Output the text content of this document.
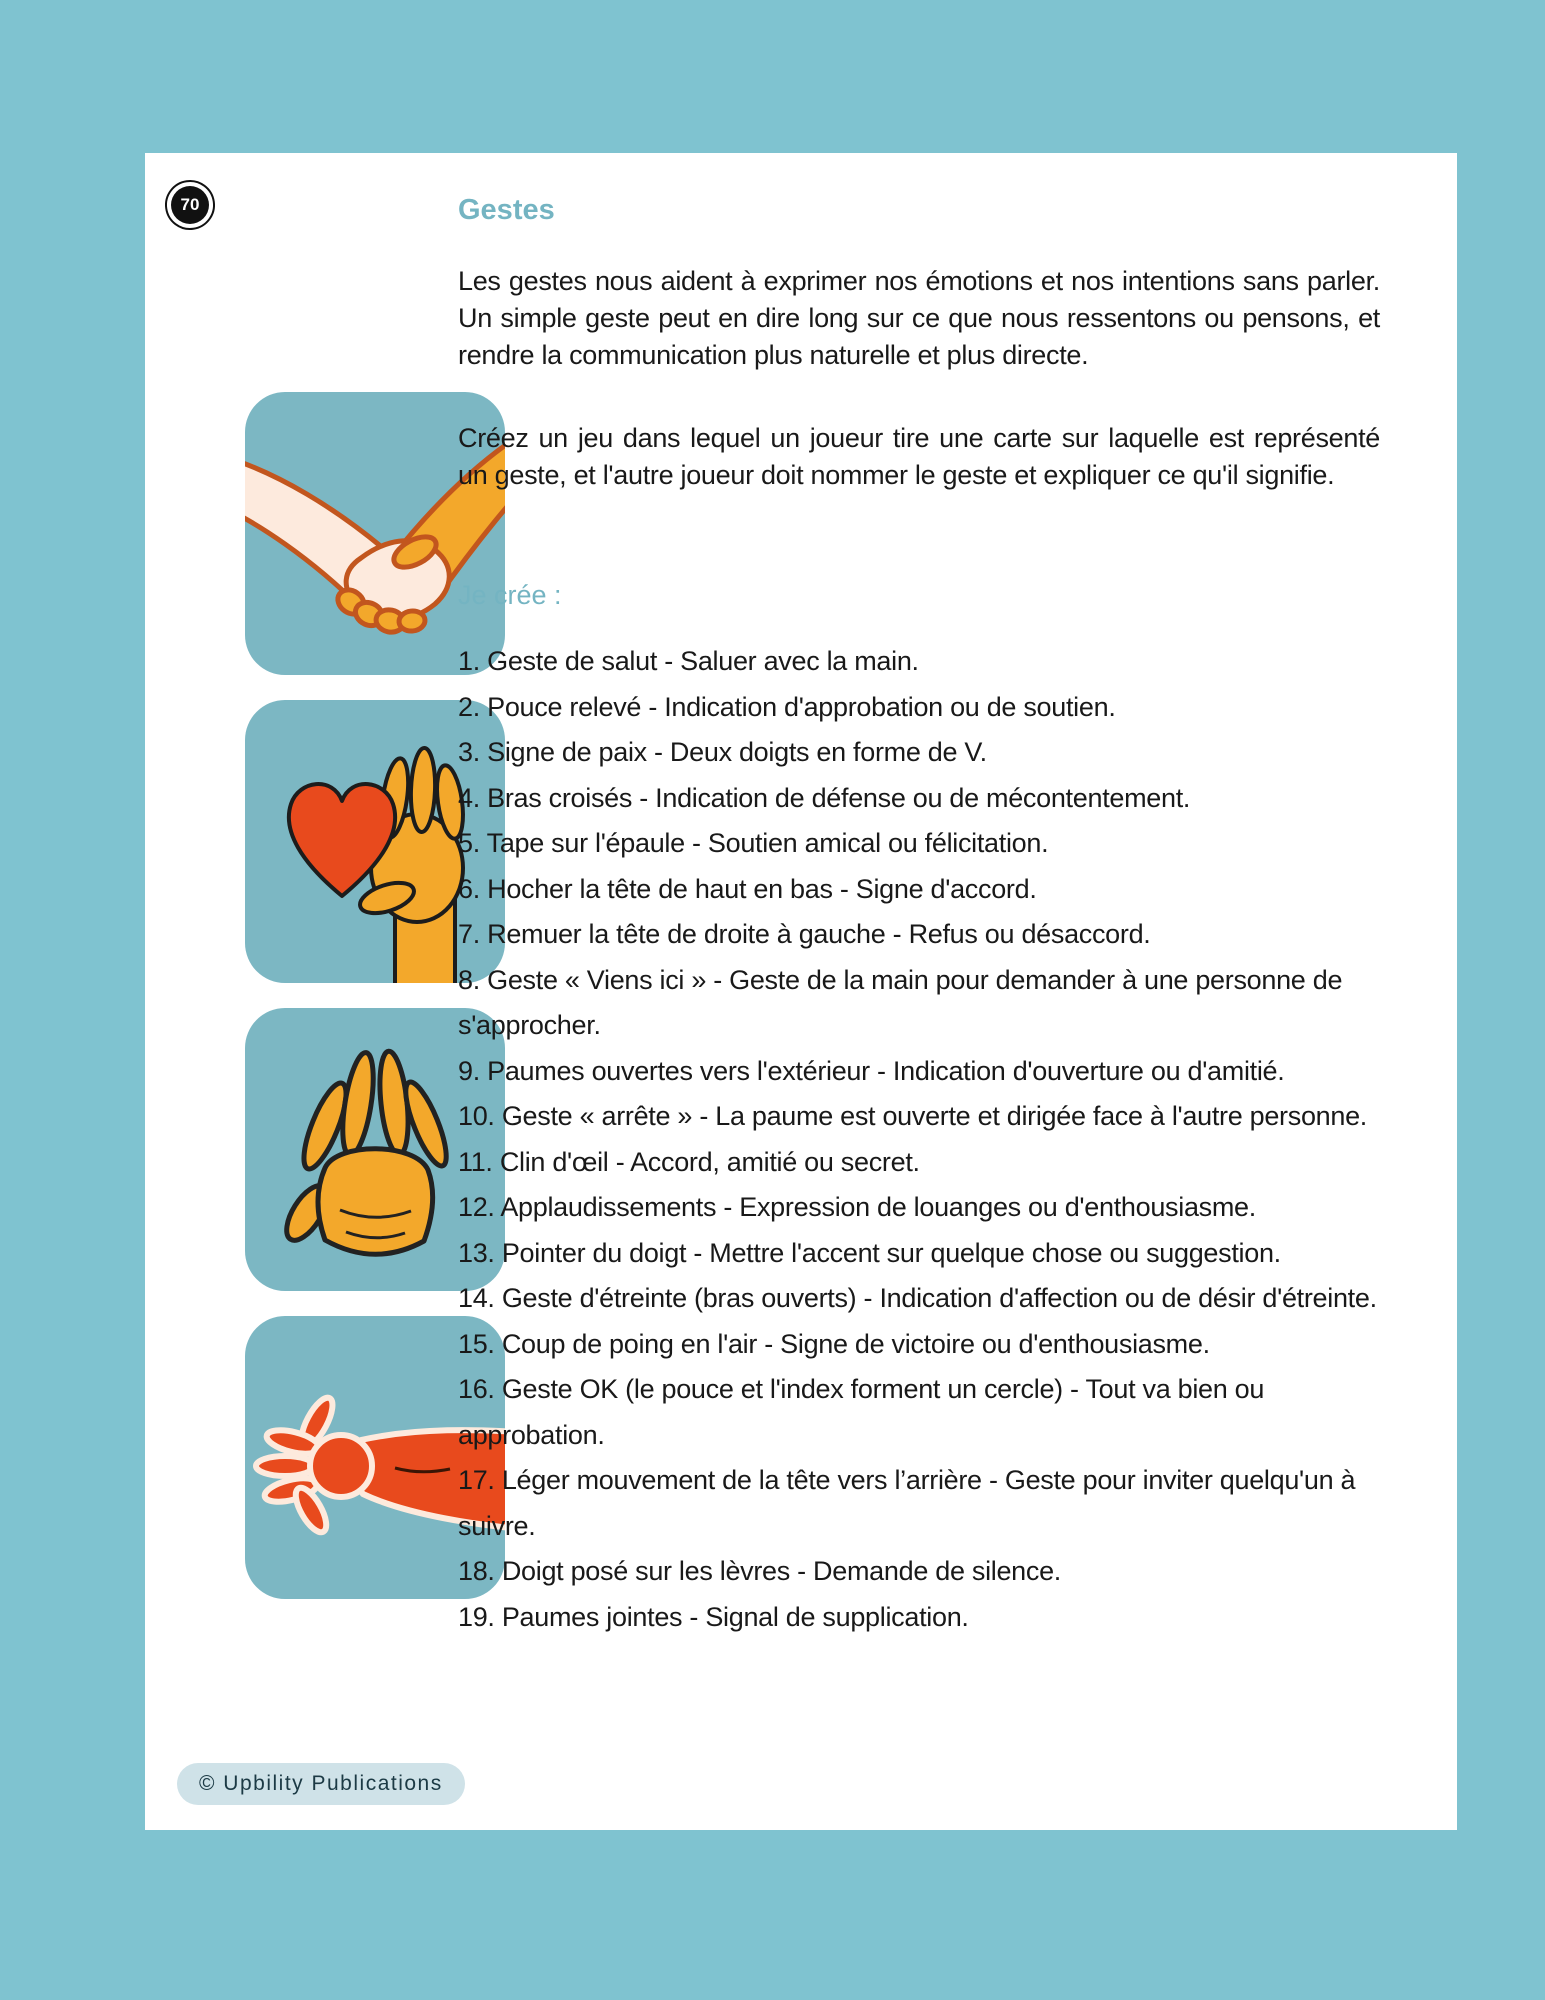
70	Gestes

Les gestes nous aident à exprimer nos émotions et nos intentions sans parler. Un simple geste peut en dire long sur ce que nous ressentons ou pensons, et rendre la communication plus naturelle et plus directe.

Créez un jeu dans lequel un joueur tire une carte sur laquelle est représenté un geste, et l'autre joueur doit nommer le geste et expliquer ce qu'il signifie.

Je crée :
1. Geste de salut - Saluer avec la main.
2. Pouce relevé - Indication d'approbation ou de soutien.
3. Signe de paix - Deux doigts en forme de V.
4. Bras croisés - Indication de défense ou de mécontentement.
5. Tape sur l'épaule - Soutien amical ou félicitation.
6. Hocher la tête de haut en bas - Signe d'accord.
7. Remuer la tête de droite à gauche - Refus ou désaccord.
8. Geste « Viens ici » - Geste de la main pour demander à une personne de s'approcher.
9. Paumes ouvertes vers l'extérieur - Indication d'ouverture ou d'amitié.
10. Geste « arrête » - La paume est ouverte et dirigée face à l'autre personne.
11. Clin d'œil - Accord, amitié ou secret.
12. Applaudissements - Expression de louanges ou d'enthousiasme.
13. Pointer du doigt - Mettre l'accent sur quelque chose ou suggestion.
14. Geste d'étreinte (bras ouverts) - Indication d'affection ou de désir d'étreinte.
15. Coup de poing en l'air - Signe de victoire ou d'enthousiasme.
16. Geste OK (le pouce et l'index forment un cercle) - Tout va bien ou approbation.
17. Léger mouvement de la tête vers l’arrière - Geste pour inviter quelqu'un à suivre.
18. Doigt posé sur les lèvres - Demande de silence.
19. Paumes jointes - Signal de supplication.
© Upbility Publications
